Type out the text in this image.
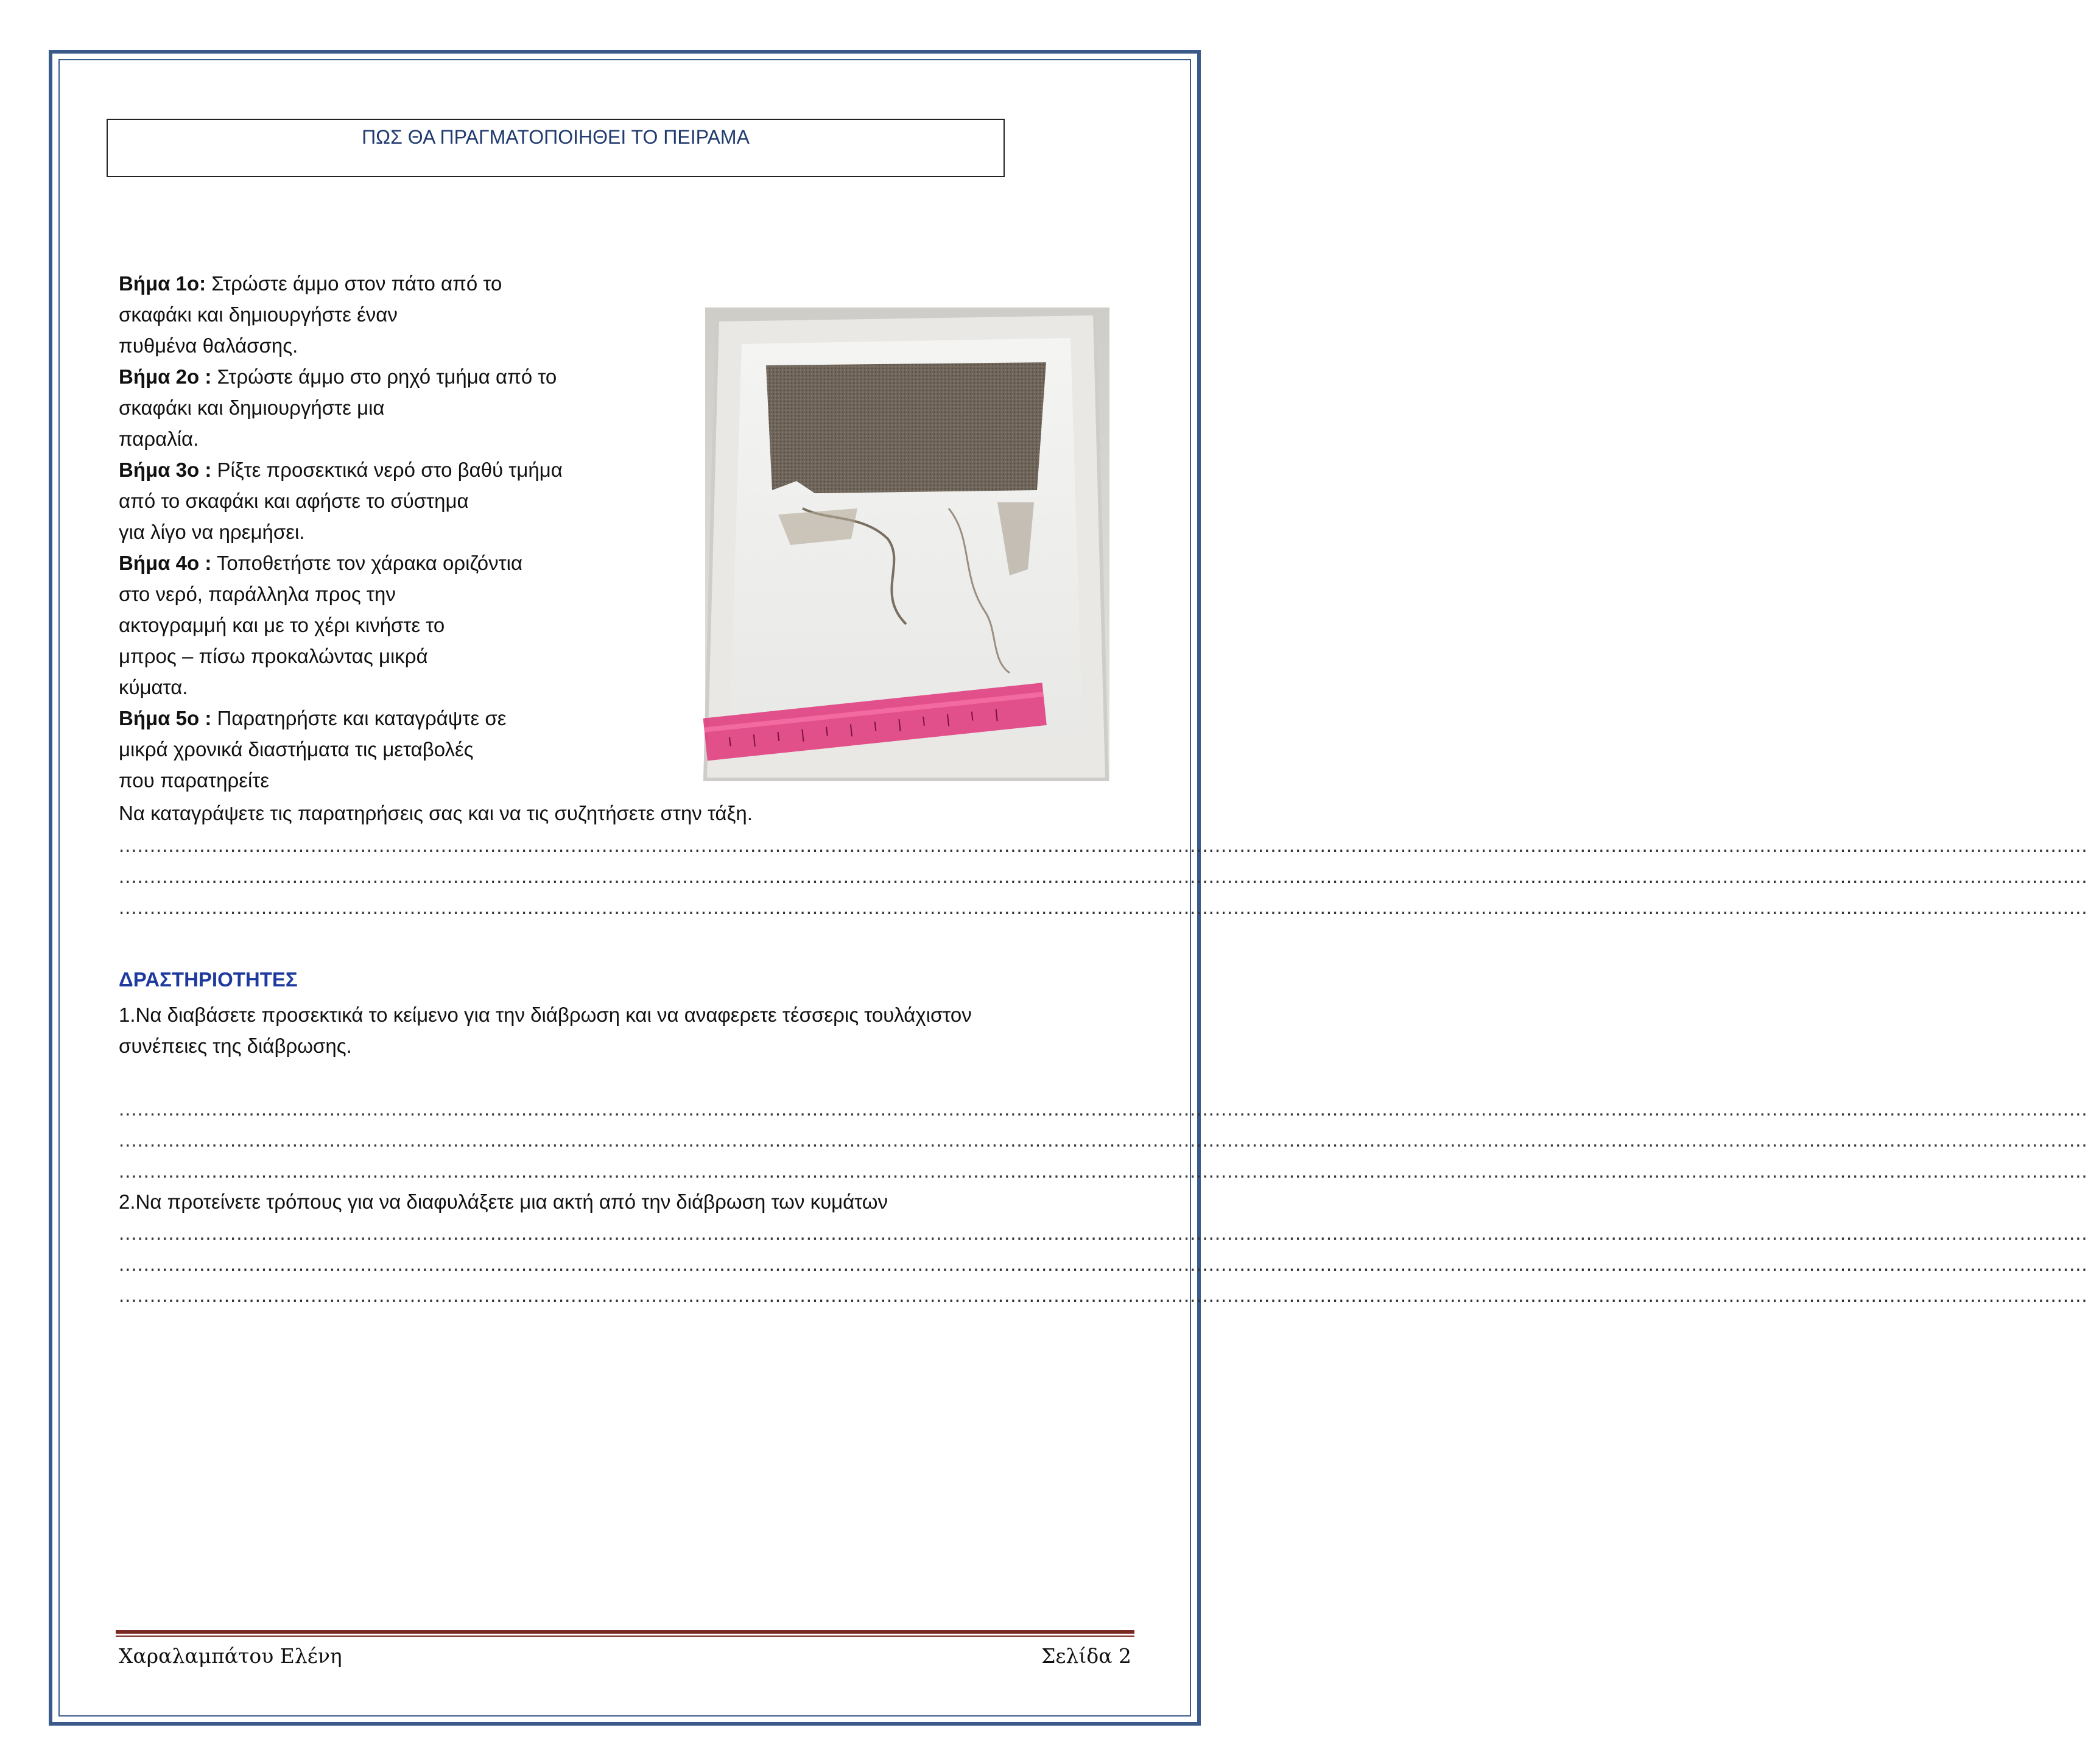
ΠΩΣ ΘΑ ΠΡΑΓΜΑΤΟΠΟΙΗΘΕΙ ΤΟ ΠΕΙΡΑΜΑ

Βήμα 1ο: Στρώστε άμμο στον πάτο από το

σκαφάκι και δημιουργήστε έναν

πυθμένα θαλάσσης.

Βήμα 2ο : Στρώστε άμμο στο ρηχό τμήμα από το

σκαφάκι και δημιουργήστε μια

παραλία.

Βήμα 3ο : Ρίξτε προσεκτικά νερό στο βαθύ τμήμα

από το σκαφάκι και αφήστε το σύστημα

για λίγο να ηρεμήσει.

Βήμα 4ο : Τοποθετήστε τον χάρακα οριζόντια

στο νερό, παράλληλα προς την

ακτογραμμή και με το χέρι κινήστε το

μπρος – πίσω προκαλώντας μικρά

κύματα.

Βήμα 5ο : Παρατηρήστε και καταγράψτε σε

μικρά χρονικά διαστήματα τις μεταβολές

που παρατηρείτε

Να καταγράψετε τις παρατηρήσεις σας και να τις συζητήσετε στην τάξη.
..............................................................................................................................................................................................................................................................................................................................
..............................................................................................................................................................................................................................................................................................................................
..............................................................................................................................................................................................................................................................................................................................
ΔΡΑΣΤΗΡΙΟΤΗΤΕΣ
1.Να διαβάσετε προσεκτικά το κείμενο για την διάβρωση και να αναφερετε τέσσερις τουλάχιστον
συνέπειες της διάβρωσης.
..............................................................................................................................................................................................................................................................................................................................
..............................................................................................................................................................................................................................................................................................................................
..............................................................................................................................................................................................................................................................................................................................
2.Να προτείνετε τρόπους για να διαφυλάξετε μια ακτή από την διάβρωση των κυμάτων
..............................................................................................................................................................................................................................................................................................................................
..............................................................................................................................................................................................................................................................................................................................
..............................................................................................................................................................................................................................................................................................................................
Χαραλαμπάτου Ελένη	Σελίδα 2
